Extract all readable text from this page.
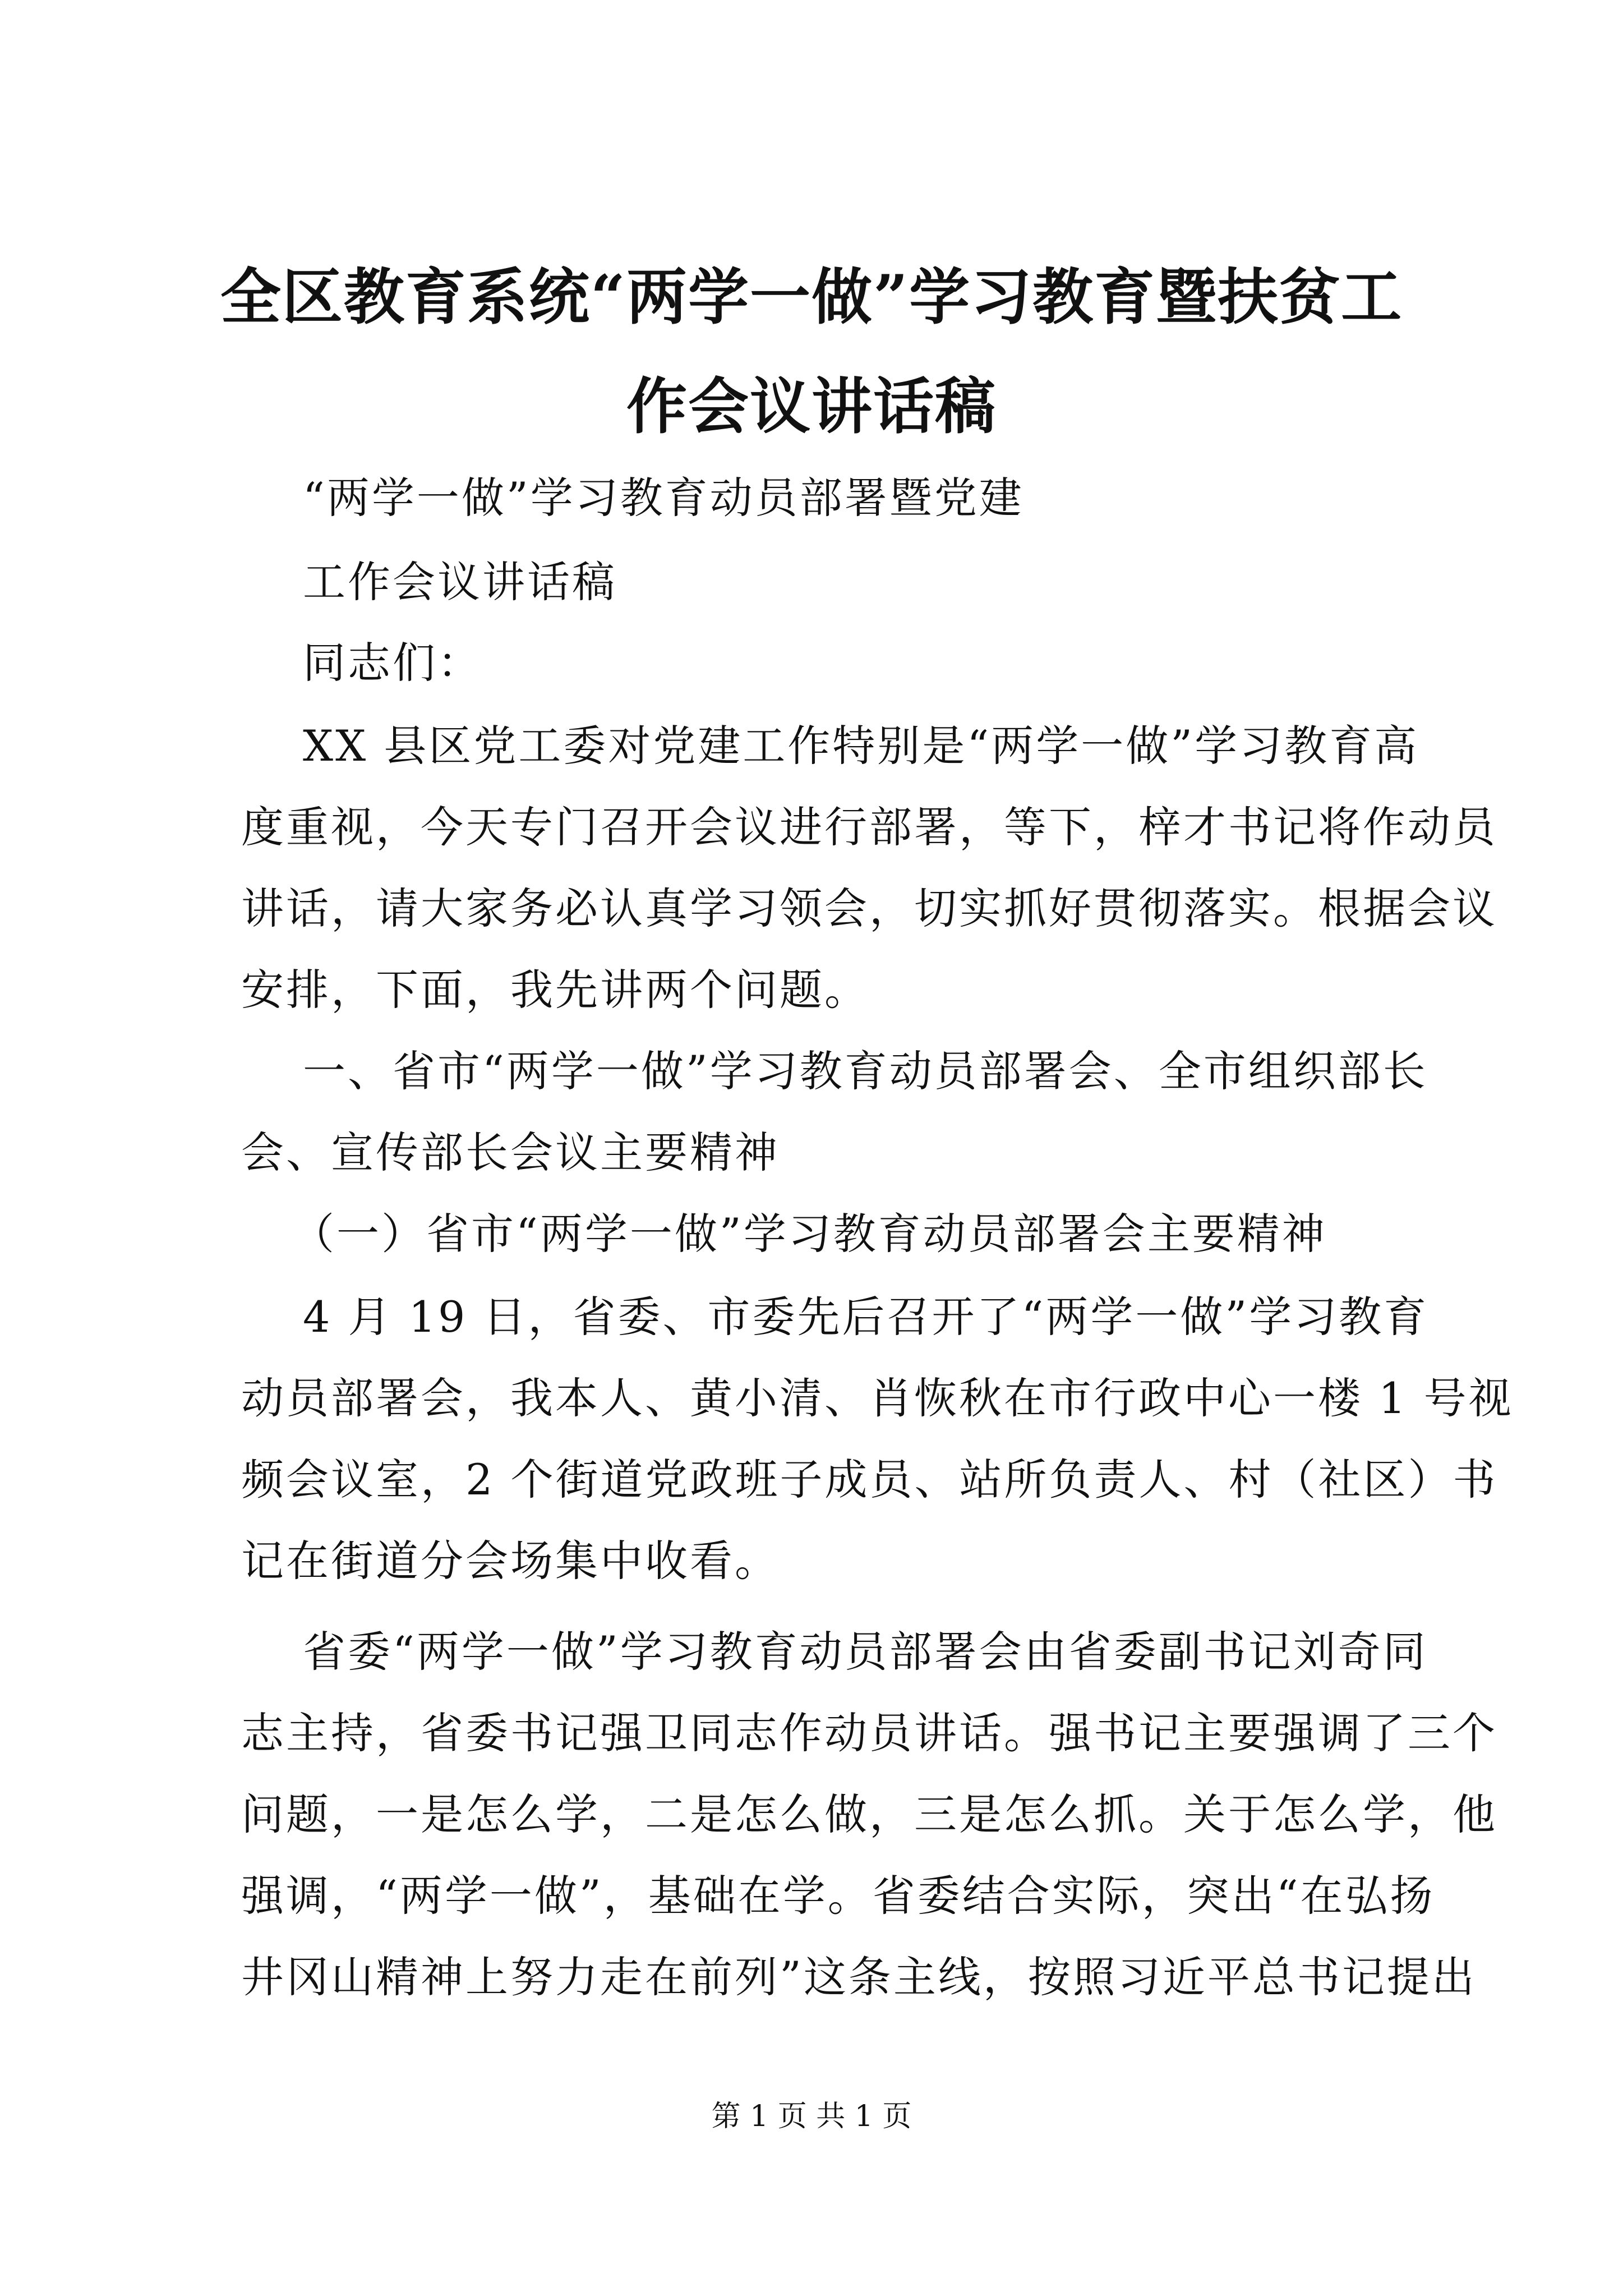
全区教育系统“两学一做”学习教育暨扶贫工
作会议讲话稿

“两学一做”学习教育动员部署暨党建

工作会议讲话稿

同志们：

XX 县区党工委对党建工作特别是“两学一做”学习教育高

度重视，今天专门召开会议进行部署，等下，梓才书记将作动员

讲话，请大家务必认真学习领会，切实抓好贯彻落实。根据会议

安排，下面，我先讲两个问题。

一、省市“两学一做”学习教育动员部署会、全市组织部长

会、宣传部长会议主要精神

（一）省市“两学一做”学习教育动员部署会主要精神

4 月 19 日，省委、市委先后召开了“两学一做”学习教育

动员部署会，我本人、黄小清、肖恢秋在市行政中心一楼 1 号视

频会议室，2 个街道党政班子成员、站所负责人、村（社区）书

记在街道分会场集中收看。

省委“两学一做”学习教育动员部署会由省委副书记刘奇同

志主持，省委书记强卫同志作动员讲话。强书记主要强调了三个

问题，一是怎么学，二是怎么做，三是怎么抓。关于怎么学，他

强调，“两学一做”，基础在学。省委结合实际，突出“在弘扬

井冈山精神上努力走在前列”这条主线，按照习近平总书记提出

第 1 页 共 1 页
